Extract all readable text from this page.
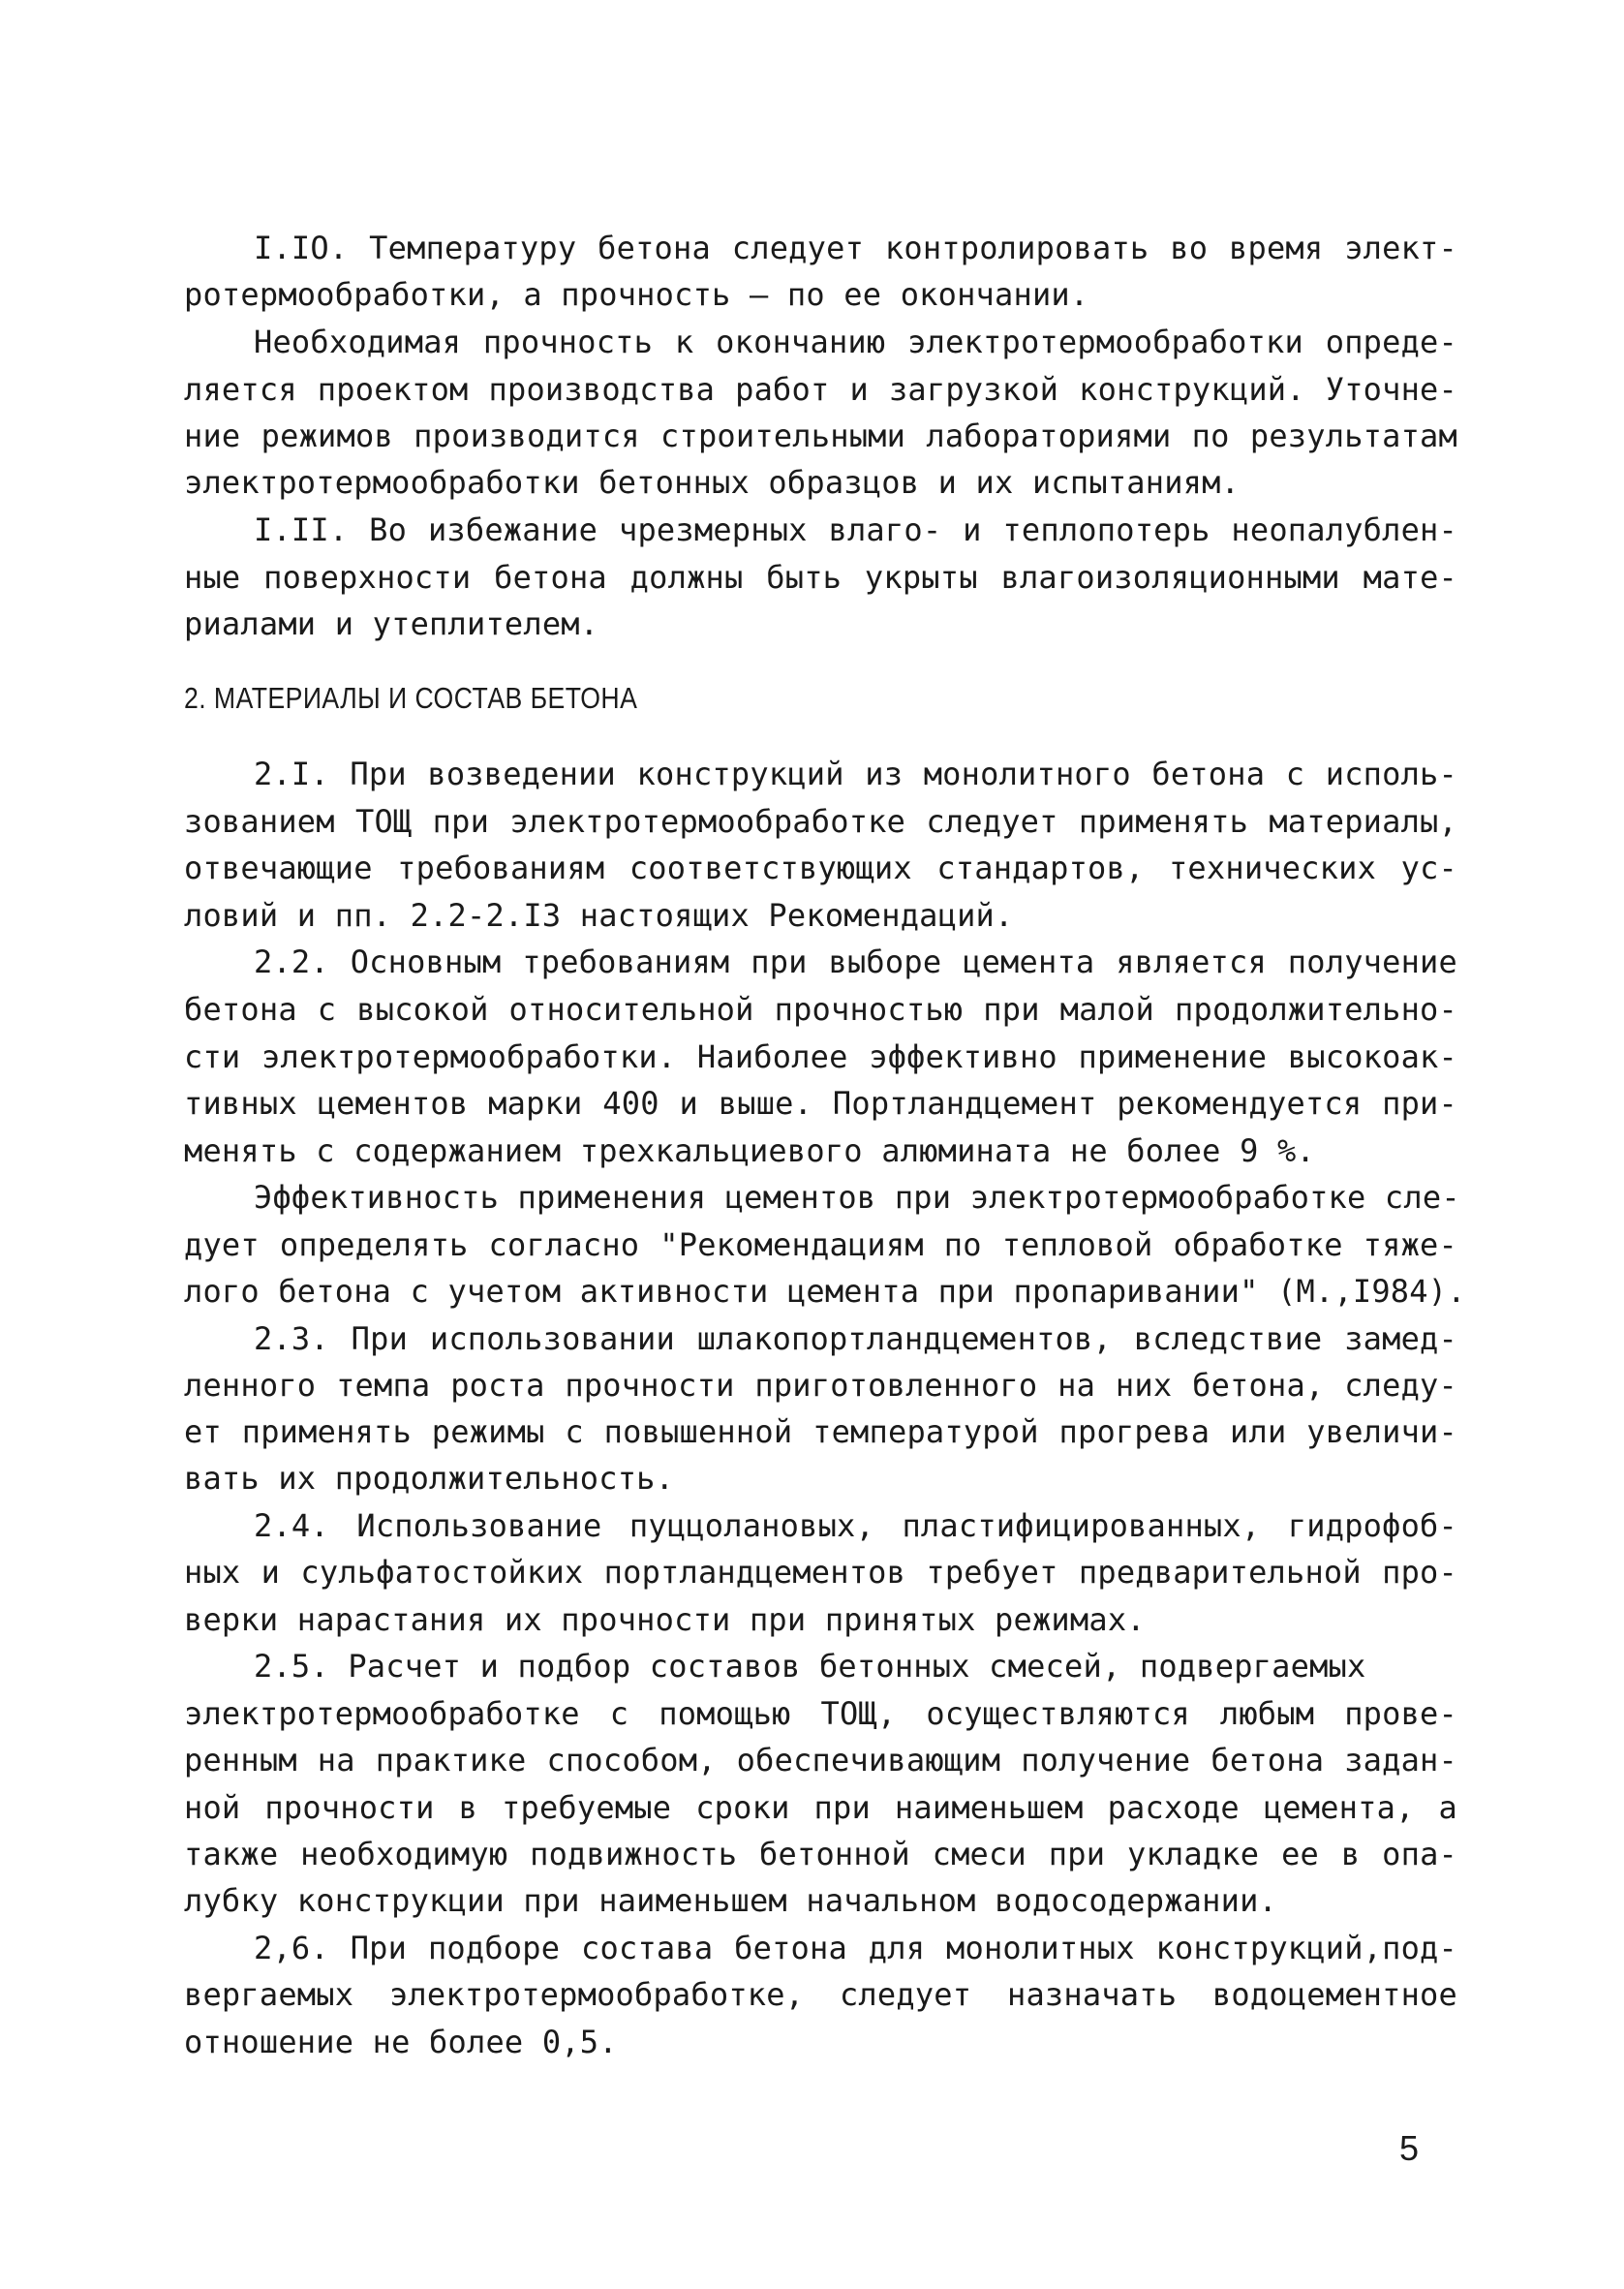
I.IO. Температуру бетона следует контролировать во время элект-
ротермообработки, а прочность – по ее окончании.
Необходимая прочность к окончанию электротермообработки опреде-
ляется проектом производства работ и загрузкой конструкций. Уточне-
ние режимов производится строительными лабораториями по результатам
электротермообработки бетонных образцов и их испытаниям.
I.II. Во избежание чрезмерных влаго- и теплопотерь неопалублен-
ные поверхности бетона должны быть укрыты влагоизоляционными мате-
риалами и утеплителем.
2. МАТЕРИАЛЫ И СОСТАВ БЕТОНА
2.I. При возведении конструкций из монолитного бетона с исполь-
зованием ТОЩ при электротермообработке следует применять материалы,
отвечающие требованиям соответствующих стандартов, технических ус-
ловий и пп. 2.2-2.I3 настоящих Рекомендаций.
2.2. Основным требованиям при выборе цемента является получение
бетона с высокой относительной прочностью при малой продолжительно-
сти электротермообработки. Наиболее эффективно применение высокоак-
тивных цементов марки 400 и выше. Портландцемент рекомендуется при-
менять с содержанием трехкальциевого алюмината не более 9 %.
Эффективность применения цементов при электротермообработке сле-
дует определять согласно "Рекомендациям по тепловой обработке тяже-
лого бетона с учетом активности цемента при пропаривании" (М.,I984).
2.3. При использовании шлакопортландцементов, вследствие замед-
ленного темпа роста прочности приготовленного на них бетона, следу-
ет применять режимы с повышенной температурой прогрева или увеличи-
вать их продолжительность.
2.4. Использование пуццолановых, пластифицированных, гидрофоб-
ных и сульфатостойких портландцементов требует предварительной про-
верки нарастания их прочности при принятых режимах.
2.5. Расчет и подбор составов бетонных смесей, подвергаемых
электротермообработке с помощью ТОЩ, осуществляются любым прове-
ренным на практике способом, обеспечивающим получение бетона задан-
ной прочности в требуемые сроки при наименьшем расходе цемента, а
также необходимую подвижность бетонной смеси при укладке ее в опа-
лубку конструкции при наименьшем начальном водосодержании.
2,6. При подборе состава бетона для монолитных конструкций,под-
вергаемых электротермообработке, следует назначать водоцементное
отношение не более 0,5.
5
